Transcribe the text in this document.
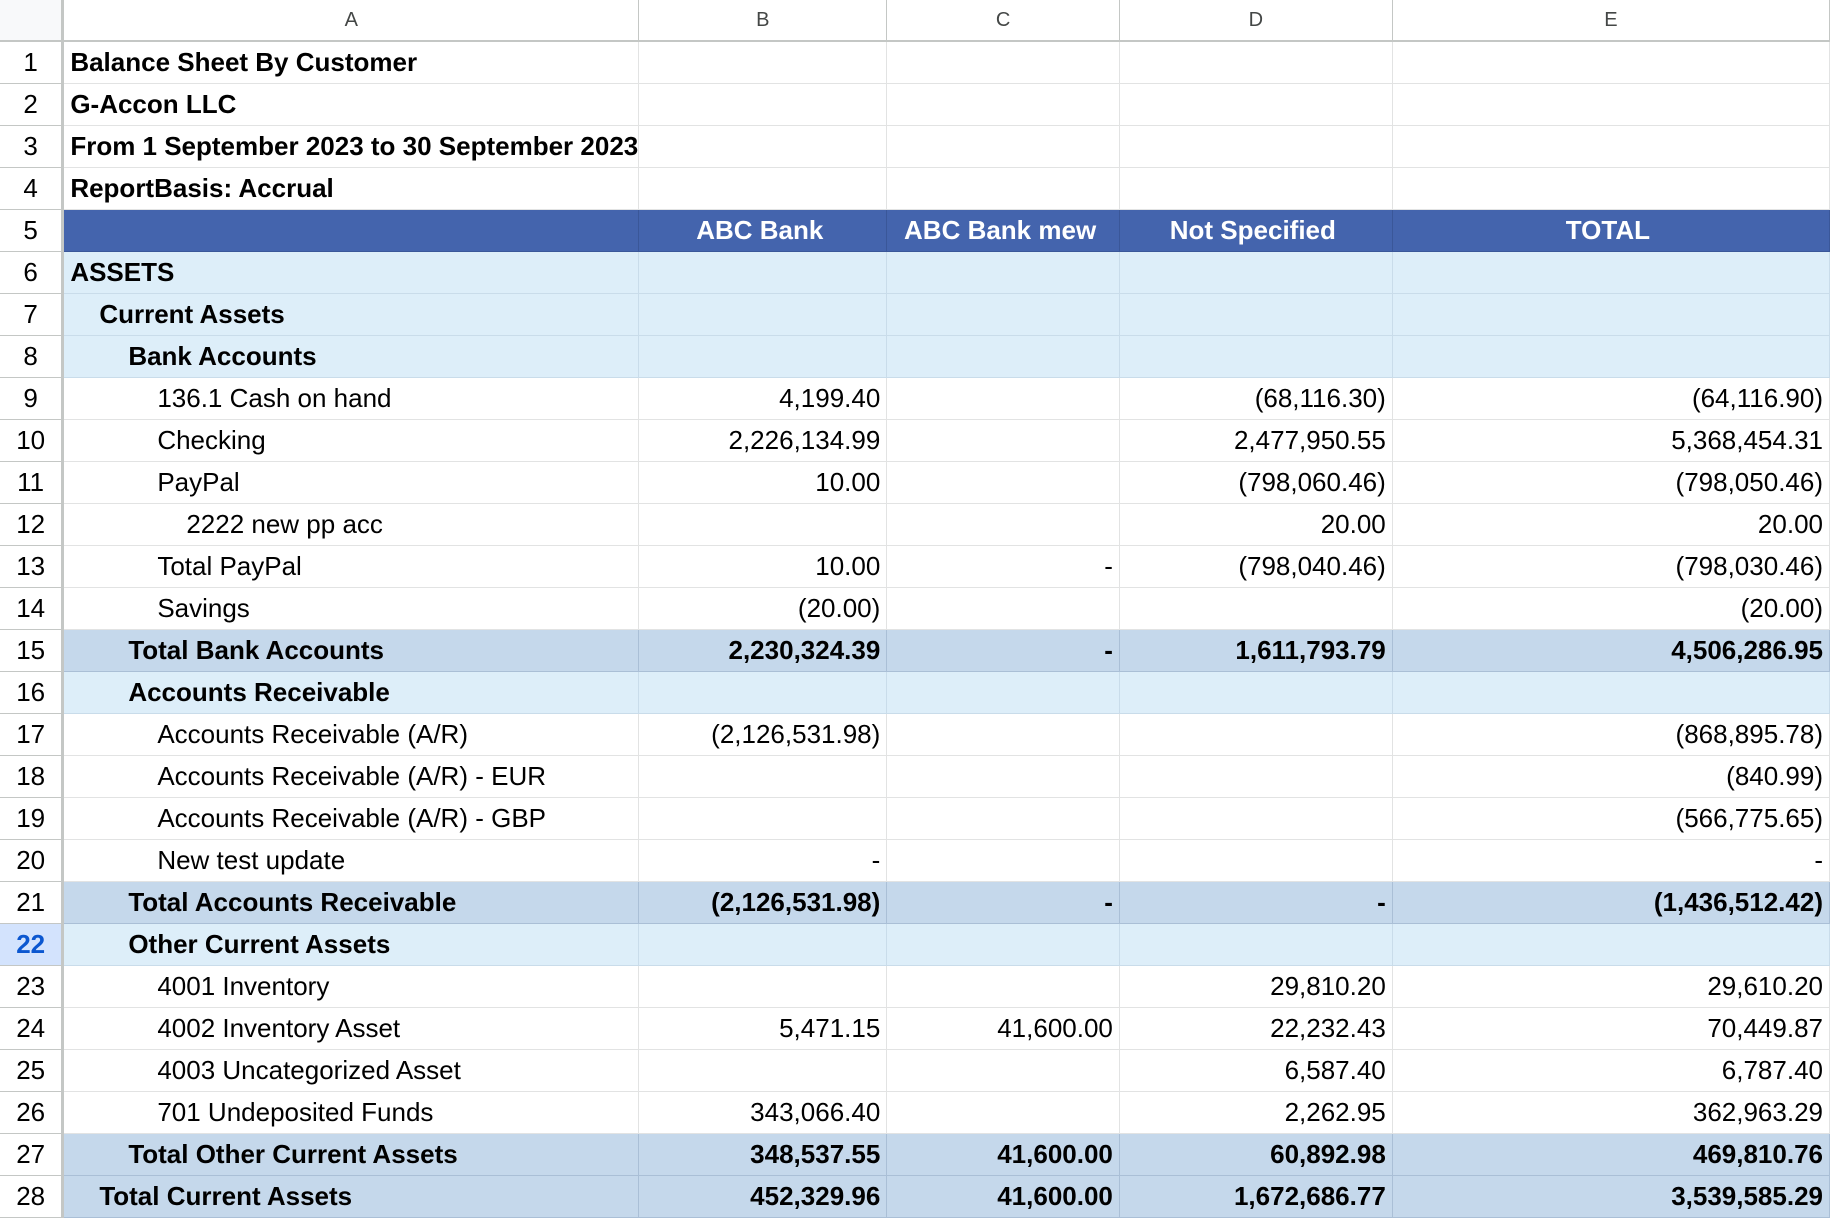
	A	B	C	D	E
1	Balance Sheet By Customer				
2	G-Accon LLC				
3	From 1 September 2023 to 30 September 2023				
4	ReportBasis: Accrual				
5		ABC Bank	ABC Bank mew	Not Specified	TOTAL
6	ASSETS				
7	Current Assets				
8	Bank Accounts				
9	136.1 Cash on hand	4,199.40		(68,116.30)	(64,116.90)
10	Checking	2,226,134.99		2,477,950.55	5,368,454.31
11	PayPal	10.00		(798,060.46)	(798,050.46)
12	2222 new pp acc			20.00	20.00
13	Total PayPal	10.00	-	(798,040.46)	(798,030.46)
14	Savings	(20.00)			(20.00)
15	Total Bank Accounts	2,230,324.39	-	1,611,793.79	4,506,286.95
16	Accounts Receivable				
17	Accounts Receivable (A/R)	(2,126,531.98)			(868,895.78)
18	Accounts Receivable (A/R) - EUR				(840.99)
19	Accounts Receivable (A/R) - GBP				(566,775.65)
20	New test update	-			-
21	Total Accounts Receivable	(2,126,531.98)	-	-	(1,436,512.42)
22	Other Current Assets				
23	4001 Inventory			29,810.20	29,610.20
24	4002 Inventory Asset	5,471.15	41,600.00	22,232.43	70,449.87
25	4003 Uncategorized Asset			6,587.40	6,787.40
26	701 Undeposited Funds	343,066.40		2,262.95	362,963.29
27	Total Other Current Assets	348,537.55	41,600.00	60,892.98	469,810.76
28	Total Current Assets	452,329.96	41,600.00	1,672,686.77	3,539,585.29
